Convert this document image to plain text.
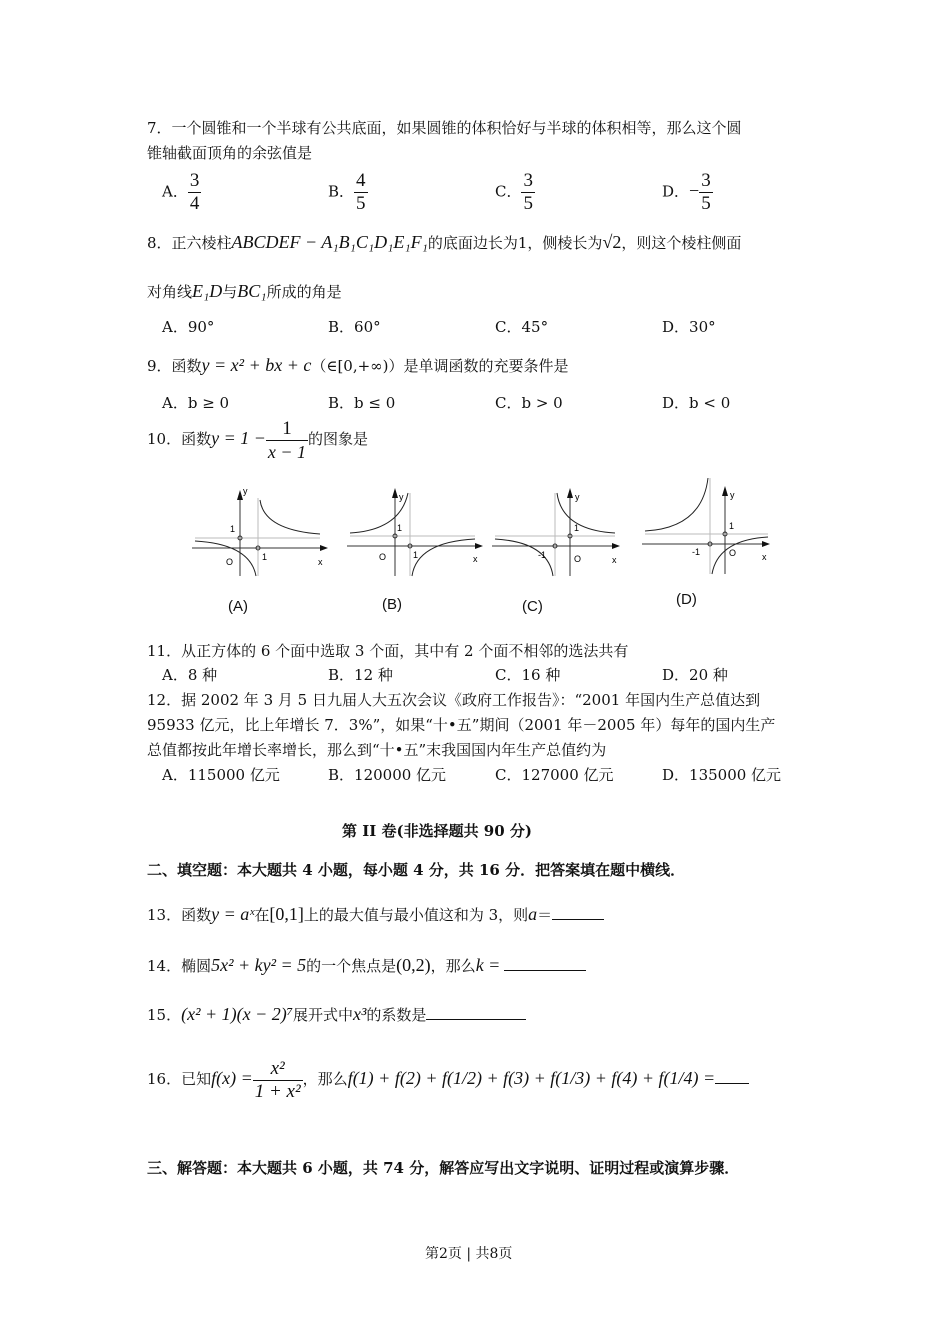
7．一个圆锥和一个半球有公共底面，如果圆锥的体积恰好与半球的体积相等，那么这个圆
锥轴截面顶角的余弦值是
A． $\frac{3}{4}$	B． $\frac{4}{5}$	C． $\frac{3}{5}$	D．− $\frac{3}{5}$
8．正六棱柱ABCDEF − A₁B₁C₁D₁E₁F₁的底面边长为1，侧棱长为√2，则这个棱柱侧面
对角线E₁D与BC₁所成的角是
A．90°	B．60°	C．45°	D．30°
9．函数y = x² + bx + c（∈[0,+∞)）是单调函数的充要条件是
A．b ≥ 0	B．b ≤ 0	C．b > 0	D．b < 0
10．函数$y = 1 - \frac{1}{x - 1}$ 的图象是
y
x
O
1
1
(A)
y
x
O
1
1
(B)
y
x
O
1
-1
(C)
y
x
O
1
-1
(D)
11．从正方体的 6 个面中选取 3 个面，其中有 2 个面不相邻的选法共有
A．8 种	B．12 种	C．16 种	D．20 种
12．据 2002 年 3 月 5 日九届人大五次会议《政府工作报告》：“2001 年国内生产总值达到
95933 亿元，比上年增长 7．3%”，如果“十•五”期间（2001 年－2005 年）每年的国内生产
总值都按此年增长率增长，那么到“十•五”末我国国内年生产总值约为
A．115000 亿元	B．120000 亿元	C．127000 亿元	D．135000 亿元
第 II 卷(非选择题共 90 分)
二、填空题：本大题共 4 小题，每小题 4 分，共 16 分．把答案填在题中横线．
13．函数y = aˣ在[0,1]上的最大值与最小值这和为 3，则a＝
14．椭圆5x² + ky² = 5的一个焦点是(0,2)，那么k =
15．(x² + 1)(x − 2)⁷展开式中x³的系数是
16．已知$f(x) = \frac{\text{x²}}{\text{1 + x²}}$ ，那么f(1) + f(2) + f(1/2) + f(3) + f(1/3) + f(4) + f(1/4) =
三、解答题：本大题共 6 小题，共 74 分，解答应写出文字说明、证明过程或演算步骤．
第2页 | 共8页
